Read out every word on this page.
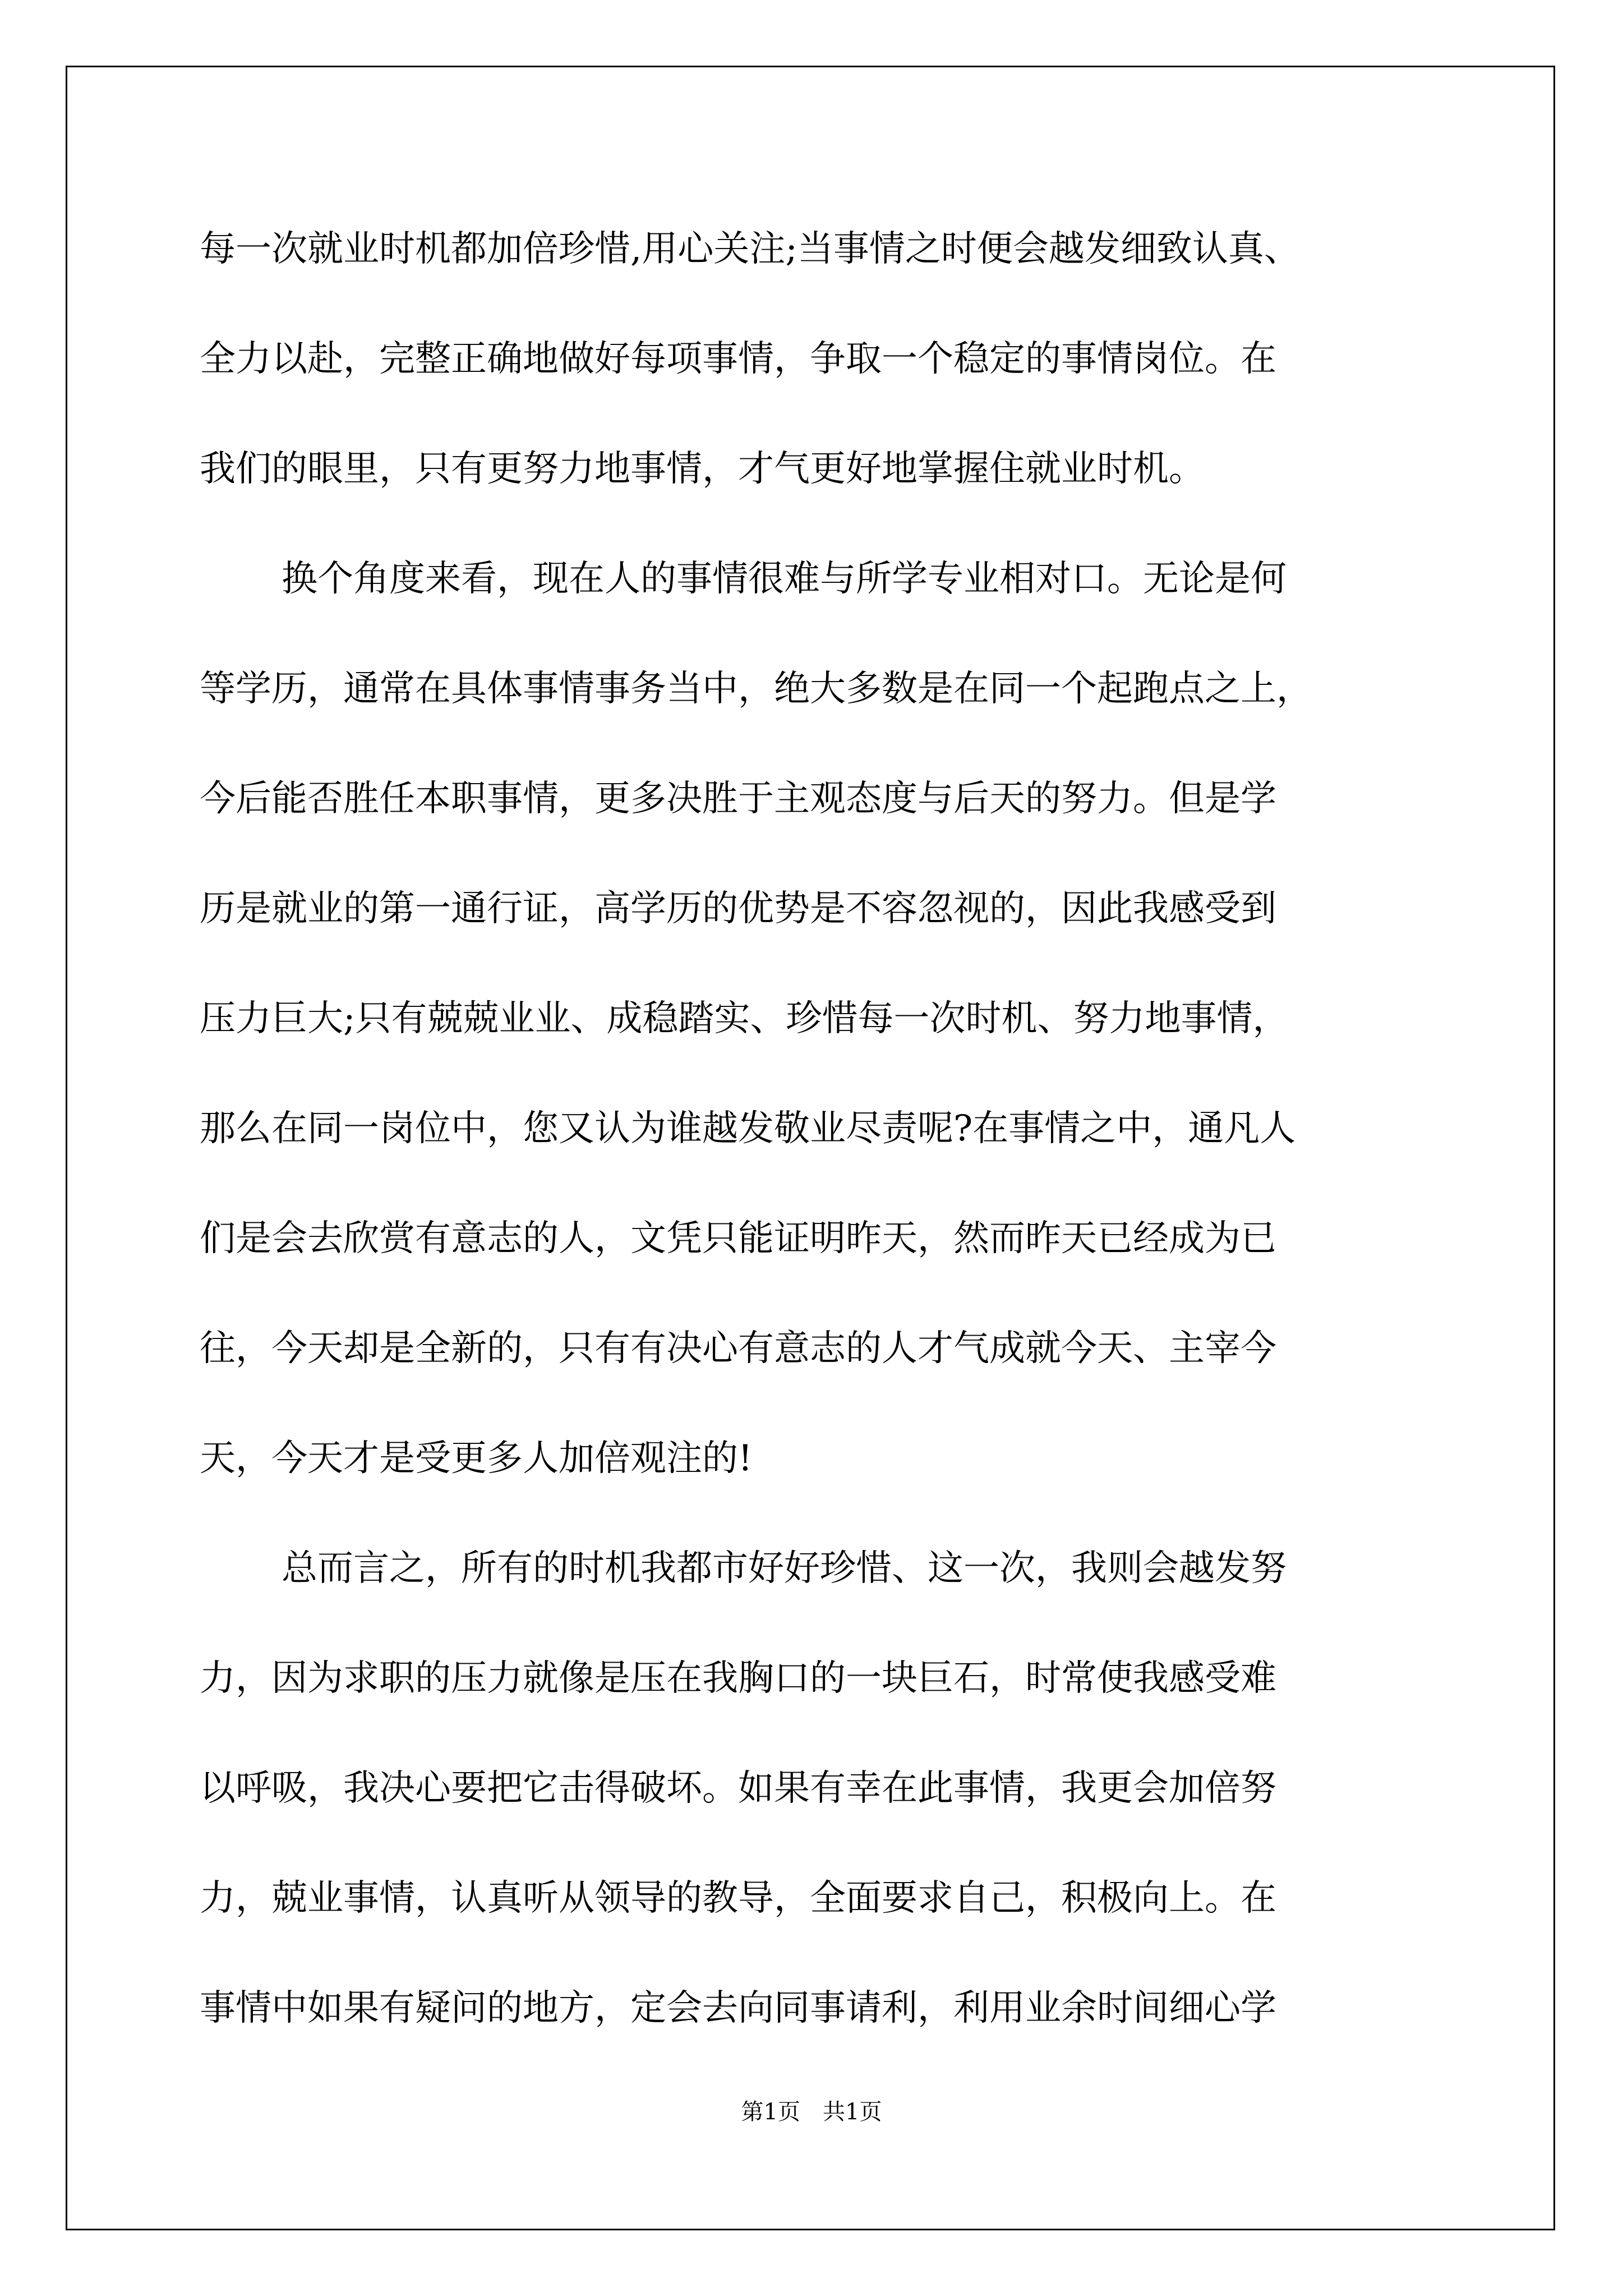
每一次就业时机都加倍珍惜,用心关注;当事情之时便会越发细致认真、
全力以赴，完整正确地做好每项事情，争取一个稳定的事情岗位。在
我们的眼里，只有更努力地事情，才气更好地掌握住就业时机。
换个角度来看，现在人的事情很难与所学专业相对口。无论是何
等学历，通常在具体事情事务当中，绝大多数是在同一个起跑点之上，
今后能否胜任本职事情，更多决胜于主观态度与后天的努力。但是学
历是就业的第一通行证，高学历的优势是不容忽视的，因此我感受到
压力巨大;只有兢兢业业、成稳踏实、珍惜每一次时机、努力地事情，
那么在同一岗位中，您又认为谁越发敬业尽责呢?在事情之中，通凡人
们是会去欣赏有意志的人，文凭只能证明昨天，然而昨天已经成为已
往，今天却是全新的，只有有决心有意志的人才气成就今天、主宰今
天，今天才是受更多人加倍观注的!
总而言之，所有的时机我都市好好珍惜、这一次，我则会越发努
力，因为求职的压力就像是压在我胸口的一块巨石，时常使我感受难
以呼吸，我决心要把它击得破坏。如果有幸在此事情，我更会加倍努
力，兢业事情，认真听从领导的教导，全面要求自己，积极向上。在
事情中如果有疑问的地方，定会去向同事请利，利用业余时间细心学
第1页　共1页
